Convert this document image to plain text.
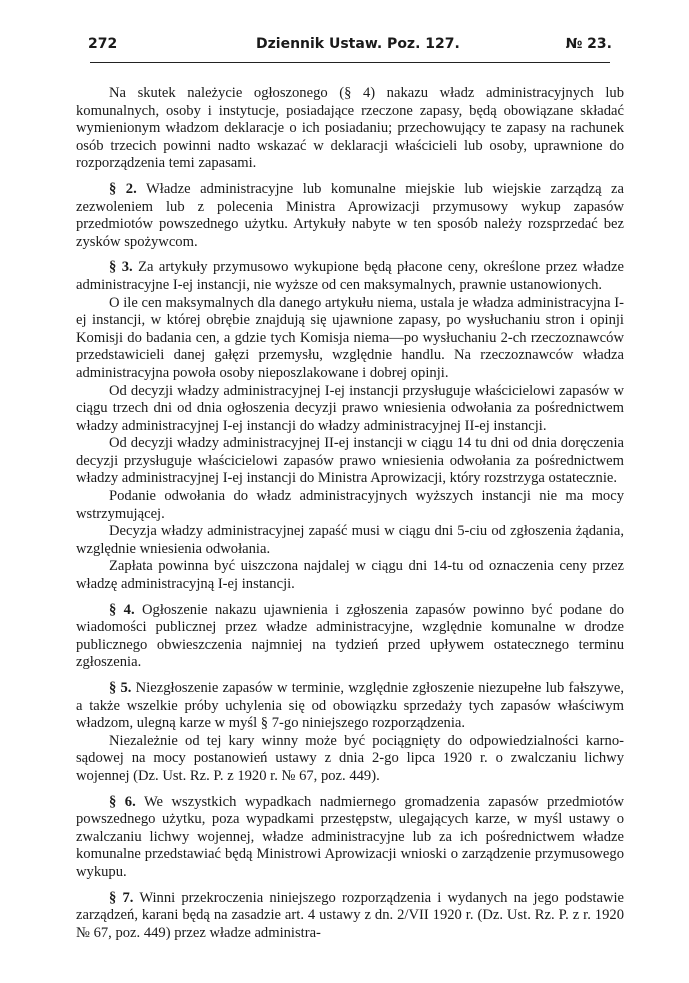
272	Dziennik Ustaw. Poz. 127.	№ 23.

Na skutek należycie ogłoszonego (§ 4) nakazu władz administracyjnych lub komunalnych, osoby i instytucje, posiadające rzeczone zapasy, będą obowiązane składać wymienionym władzom deklaracje o ich posiadaniu; przechowujący te zapasy na rachunek osób trzecich powinni nadto wskazać w deklaracji właścicieli lub osoby, uprawnione do rozporządzenia temi zapasami.

§ 2. Władze administracyjne lub komunalne miejskie lub wiejskie zarządzą za zezwoleniem lub z polecenia Ministra Aprowizacji przymusowy wykup zapasów przedmiotów powszednego użytku. Artykuły nabyte w ten sposób należy rozsprzedać bez zysków spożywcom.

§ 3. Za artykuły przymusowo wykupione będą płacone ceny, określone przez władze administracyjne I-ej instancji, nie wyższe od cen maksymalnych, prawnie ustanowionych.

O ile cen maksymalnych dla danego artykułu niema, ustala je władza administracyjna I-ej instancji, w której obrębie znajdują się ujawnione zapasy, po wysłuchaniu stron i opinji Komisji do badania cen, a gdzie tych Komisja niema—po wysłuchaniu 2-ch rzeczoznawców przedstawicieli danej gałęzi przemysłu, względnie handlu. Na rzeczoznawców władza administracyjna powoła osoby nieposzlakowane i dobrej opinji.

Od decyzji władzy administracyjnej I-ej instancji przysługuje właścicielowi zapasów w ciągu trzech dni od dnia ogłoszenia decyzji prawo wniesienia odwołania za pośrednictwem władzy administracyjnej I-ej instancji do władzy administracyjnej II-ej instancji.

Od decyzji władzy administracyjnej II-ej instancji w ciągu 14 tu dni od dnia doręczenia decyzji przysługuje właścicielowi zapasów prawo wniesienia odwołania za pośrednictwem władzy administracyjnej I-ej instancji do Ministra Aprowizacji, który rozstrzyga ostatecznie.

Podanie odwołania do władz administracyjnych wyższych instancji nie ma mocy wstrzymującej.

Decyzja władzy administracyjnej zapaść musi w ciągu dni 5-ciu od zgłoszenia żądania, względnie wniesienia odwołania.

Zapłata powinna być uiszczona najdalej w ciągu dni 14-tu od oznaczenia ceny przez władzę administracyjną I-ej instancji.

§ 4. Ogłoszenie nakazu ujawnienia i zgłoszenia zapasów powinno być podane do wiadomości publicznej przez władze administracyjne, względnie komunalne w drodze publicznego obwieszczenia najmniej na tydzień przed upływem ostatecznego terminu zgłoszenia.

§ 5. Niezgłoszenie zapasów w terminie, względnie zgłoszenie niezupełne lub fałszywe, a także wszelkie próby uchylenia się od obowiązku sprzedaży tych zapasów właściwym władzom, ulegną karze w myśl § 7-go niniejszego rozporządzenia.

Niezależnie od tej kary winny może być pociągnięty do odpowiedzialności karno-sądowej na mocy postanowień ustawy z dnia 2-go lipca 1920 r. o zwalczaniu lichwy wojennej (Dz. Ust. Rz. P. z 1920 r. № 67, poz. 449).

§ 6. We wszystkich wypadkach nadmiernego gromadzenia zapasów przedmiotów powszednego użytku, poza wypadkami przestępstw, ulegających karze, w myśl ustawy o zwalczaniu lichwy wojennej, władze administracyjne lub za ich pośrednictwem władze komunalne przedstawiać będą Ministrowi Aprowizacji wnioski o zarządzenie przymusowego wykupu.

§ 7. Winni przekroczenia niniejszego rozporządzenia i wydanych na jego podstawie zarządzeń, karani będą na zasadzie art. 4 ustawy z dn. 2/VII 1920 r. (Dz. Ust. Rz. P. z r. 1920 № 67, poz. 449) przez władze administra-
